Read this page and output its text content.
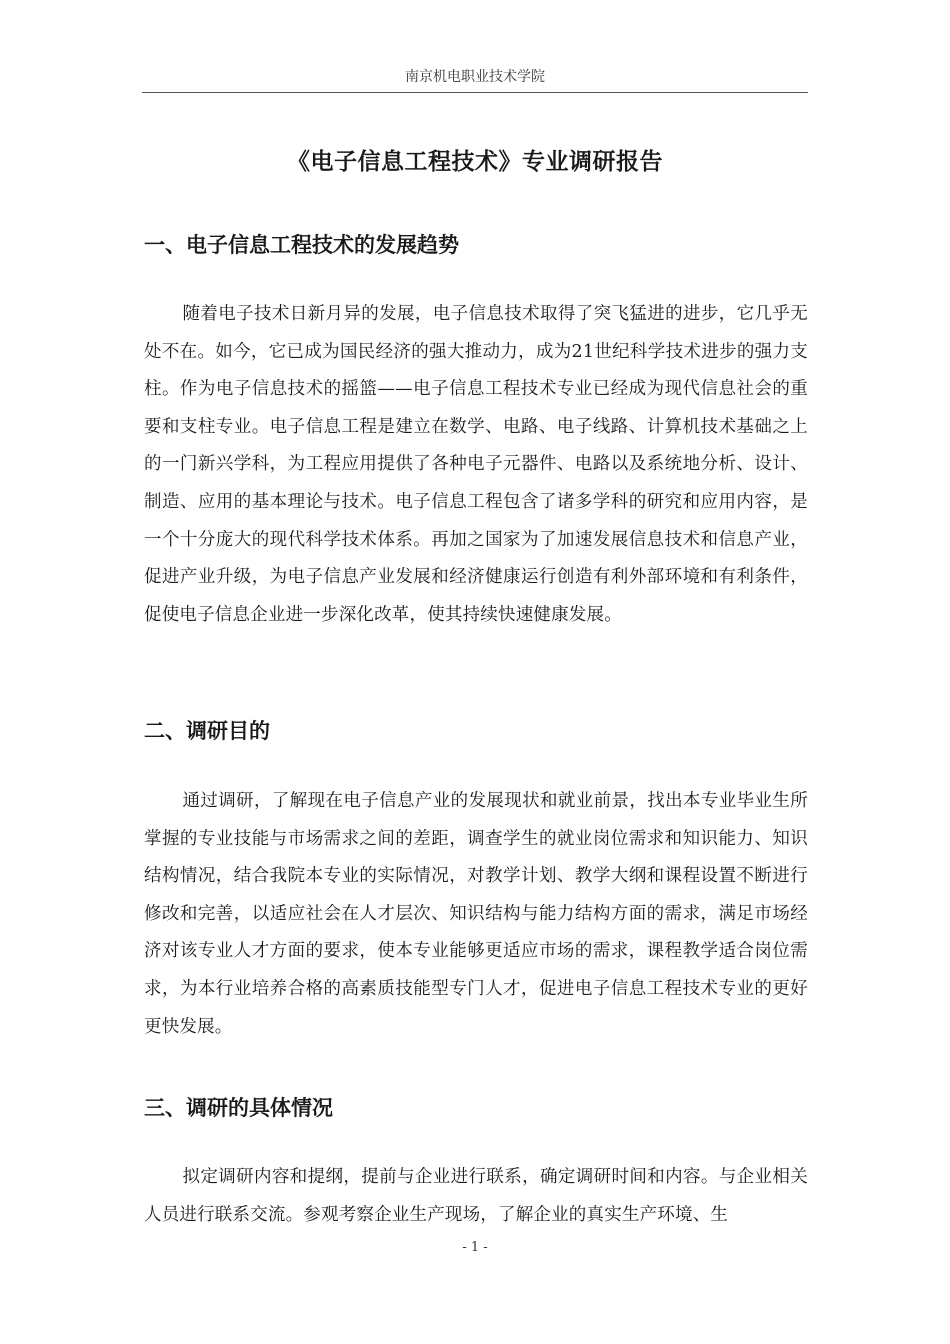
南京机电职业技术学院
《电子信息工程技术》专业调研报告
一、电子信息工程技术的发展趋势

随着电子技术日新月异的发展，电子信息技术取得了突飞猛进的进步，它几乎无处不在。如今，它已成为国民经济的强大推动力，成为21世纪科学技术进步的强力支柱。作为电子信息技术的摇篮——电子信息工程技术专业已经成为现代信息社会的重要和支柱专业。电子信息工程是建立在数学、电路、电子线路、计算机技术基础之上的一门新兴学科，为工程应用提供了各种电子元器件、电路以及系统地分析、设计、制造、应用的基本理论与技术。电子信息工程包含了诸多学科的研究和应用内容，是一个十分庞大的现代科学技术体系。再加之国家为了加速发展信息技术和信息产业，促进产业升级，为电子信息产业发展和经济健康运行创造有利外部环境和有利条件，促使电子信息企业进一步深化改革，使其持续快速健康发展。

二、调研目的

通过调研，了解现在电子信息产业的发展现状和就业前景，找出本专业毕业生所掌握的专业技能与市场需求之间的差距，调查学生的就业岗位需求和知识能力、知识结构情况，结合我院本专业的实际情况，对教学计划、教学大纲和课程设置不断进行修改和完善，以适应社会在人才层次、知识结构与能力结构方面的需求，满足市场经济对该专业人才方面的要求，使本专业能够更适应市场的需求，课程教学适合岗位需求，为本行业培养合格的高素质技能型专门人才，促进电子信息工程技术专业的更好更快发展。

三、调研的具体情况

拟定调研内容和提纲，提前与企业进行联系，确定调研时间和内容。与企业相关人员进行联系交流。参观考察企业生产现场，了解企业的真实生产环境、生

- 1 -
